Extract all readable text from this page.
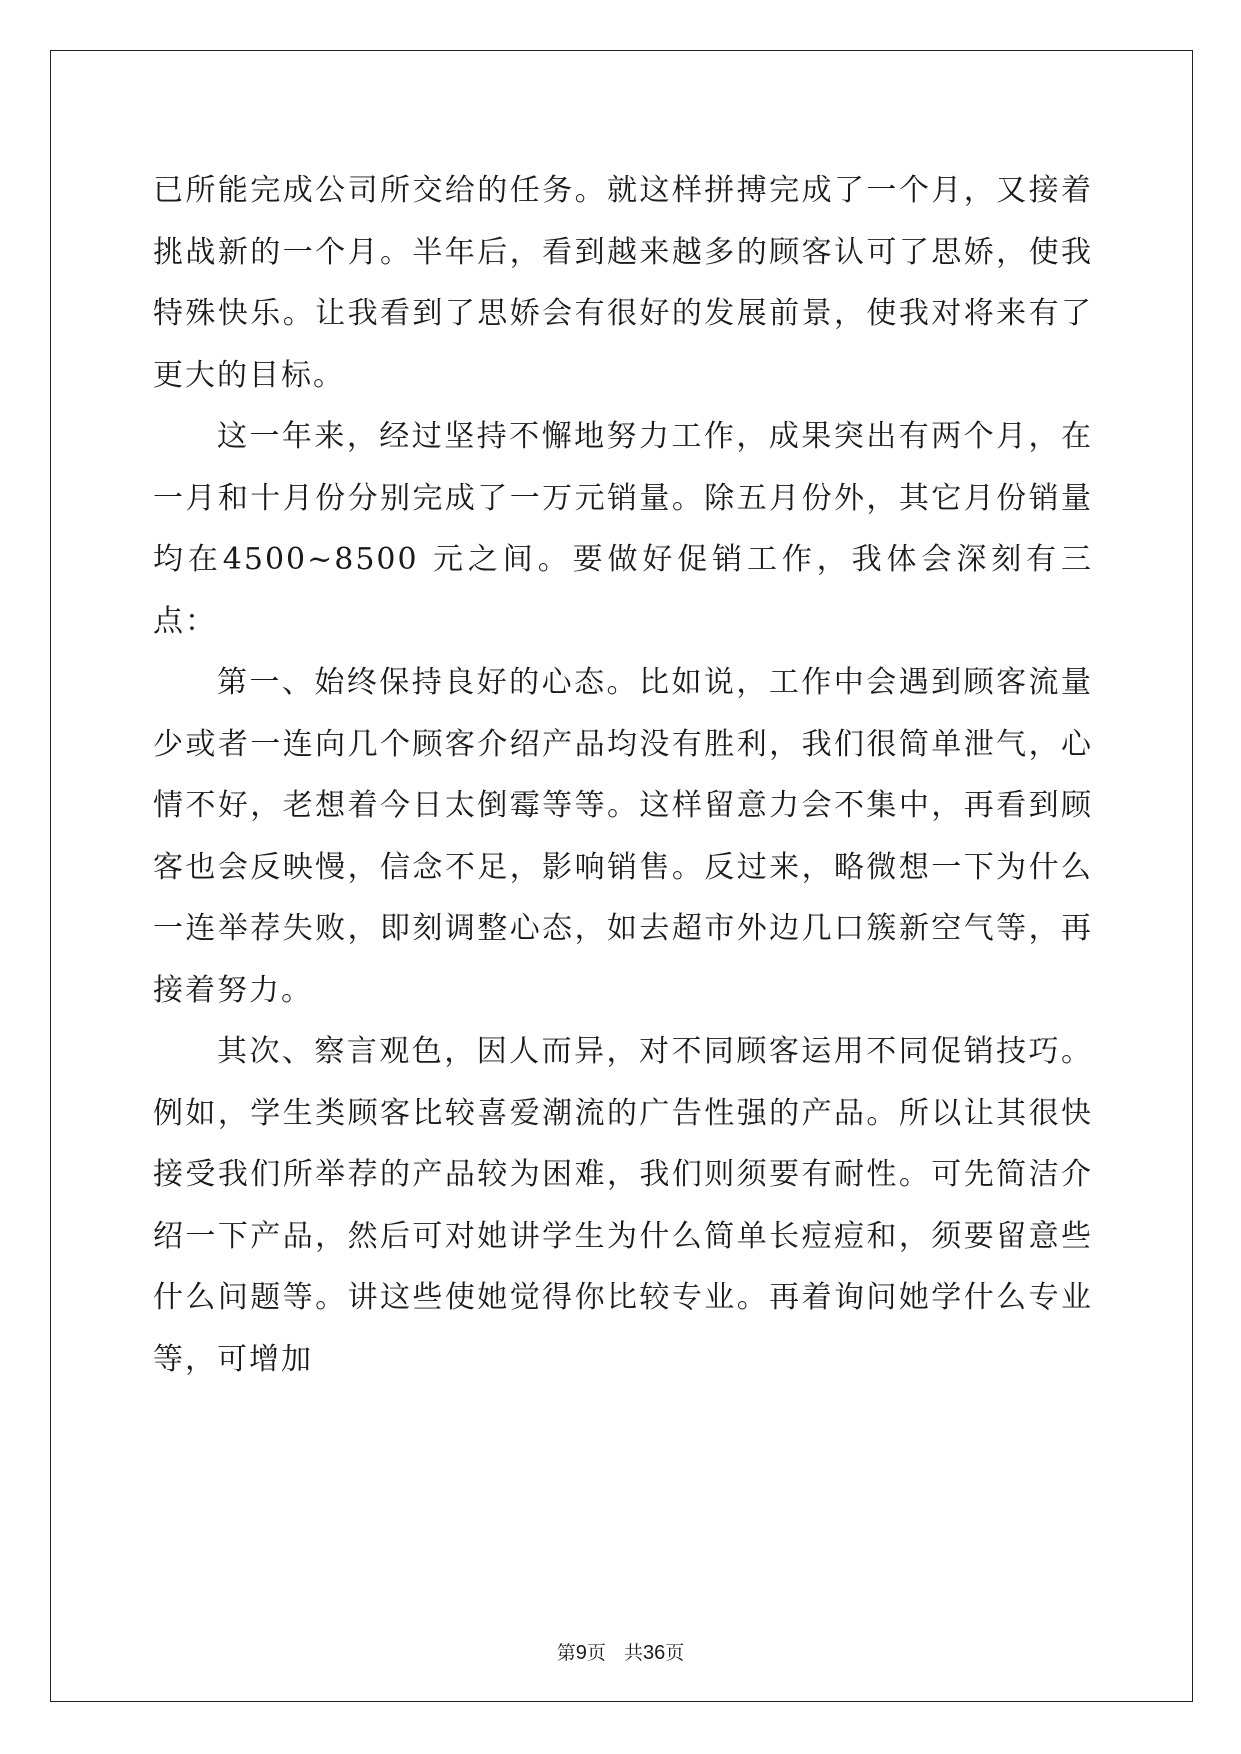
已所能完成公司所交给的任务。就这样拼搏完成了一个月，又接着挑战新的一个月。半年后，看到越来越多的顾客认可了思娇，使我特殊快乐。让我看到了思娇会有很好的发展前景，使我对将来有了更大的目标。

这一年来，经过坚持不懈地努力工作，成果突出有两个月，在一月和十月份分别完成了一万元销量。除五月份外，其它月份销量均在4500~8500 元之间。要做好促销工作，我体会深刻有三点：

第一、始终保持良好的心态。比如说，工作中会遇到顾客流量少或者一连向几个顾客介绍产品均没有胜利，我们很简单泄气，心情不好，老想着今日太倒霉等等。这样留意力会不集中，再看到顾客也会反映慢，信念不足，影响销售。反过来，略微想一下为什么一连举荐失败，即刻调整心态，如去超市外边几口簇新空气等，再接着努力。

其次、察言观色，因人而异，对不同顾客运用不同促销技巧。例如，学生类顾客比较喜爱潮流的广告性强的产品。所以让其很快接受我们所举荐的产品较为困难，我们则须要有耐性。可先简洁介绍一下产品，然后可对她讲学生为什么简单长痘痘和，须要留意些什么问题等。讲这些使她觉得你比较专业。再着询问她学什么专业等，可增加

第9页 共36页
